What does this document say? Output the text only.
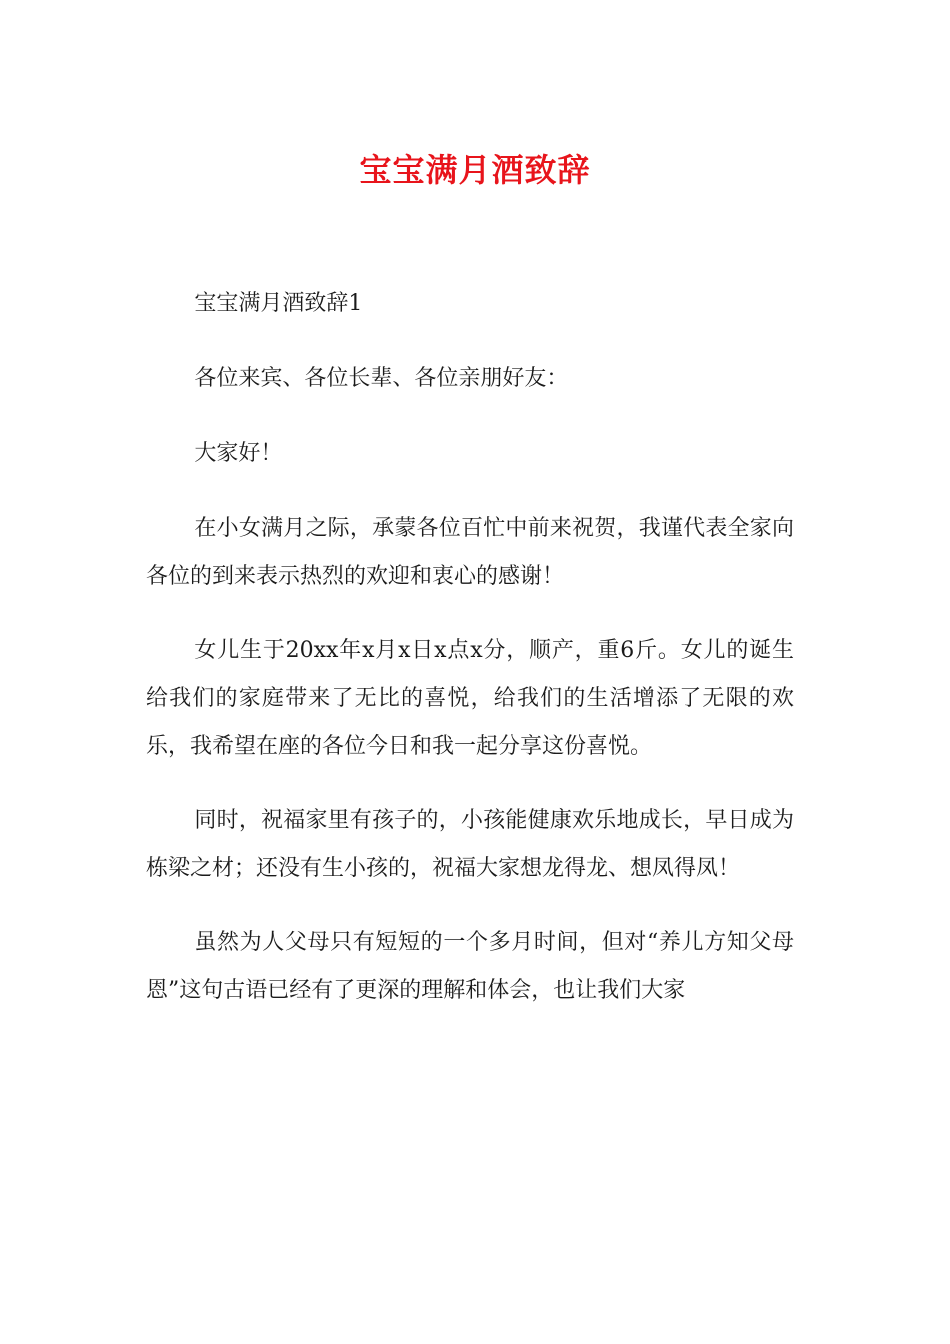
宝宝满月酒致辞

宝宝满月酒致辞1

各位来宾、各位长辈、各位亲朋好友：

大家好！

在小女满月之际，承蒙各位百忙中前来祝贺，我谨代表全家向各位的到来表示热烈的欢迎和衷心的感谢！

女儿生于20xx年x月x日x点x分，顺产，重6斤。女儿的诞生给我们的家庭带来了无比的喜悦，给我们的生活增添了无限的欢乐，我希望在座的各位今日和我一起分享这份喜悦。

同时，祝福家里有孩子的，小孩能健康欢乐地成长，早日成为栋梁之材；还没有生小孩的，祝福大家想龙得龙、想凤得凤！

虽然为人父母只有短短的一个多月时间，但对“养儿方知父母恩”这句古语已经有了更深的理解和体会，也让我们大家
